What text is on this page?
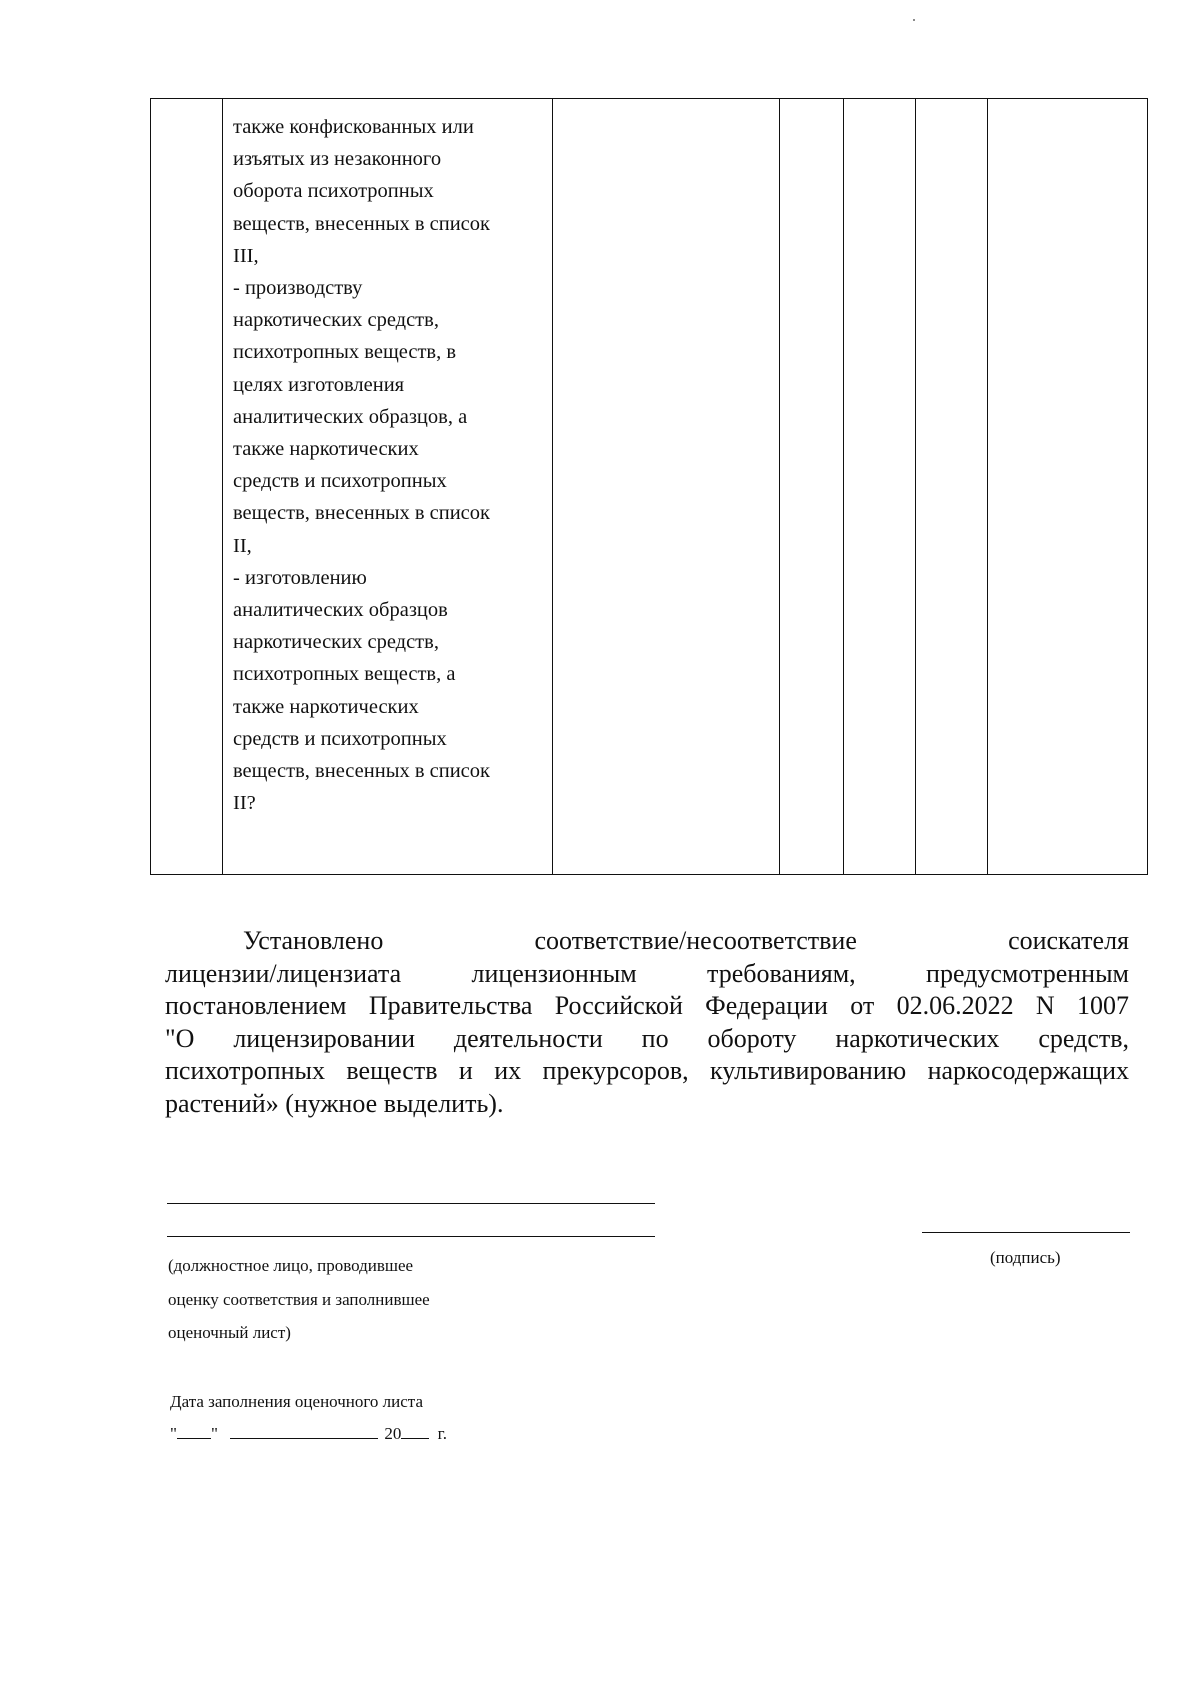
также конфискованных или
изъятых из незаконного
оборота психотропных
веществ, внесенных в список
III,
- производству
наркотических средств,
психотропных веществ, в
целях изготовления
аналитических образцов, а
также наркотических
средств и психотропных
веществ, внесенных в список
II,
- изготовлению
аналитических образцов
наркотических средств,
психотропных веществ, а
также наркотических
средств и психотропных
веществ, внесенных в список
II?

Установлено соответствие/несоответствие соискателя
лицензии/лицензиата лицензионным требованиям, предусмотренным
постановлением Правительства Российской Федерации от 02.06.2022 N 1007
"О лицензировании деятельности по обороту наркотических средств,
психотропных веществ и их прекурсоров, культивированию наркосодержащих
растений» (нужное выделить).
(должностное лицо, проводившее
оценку соответствия и заполнившее
оценочный лист)
(подпись)
Дата заполнения оценочного листа
" "	20 г.
